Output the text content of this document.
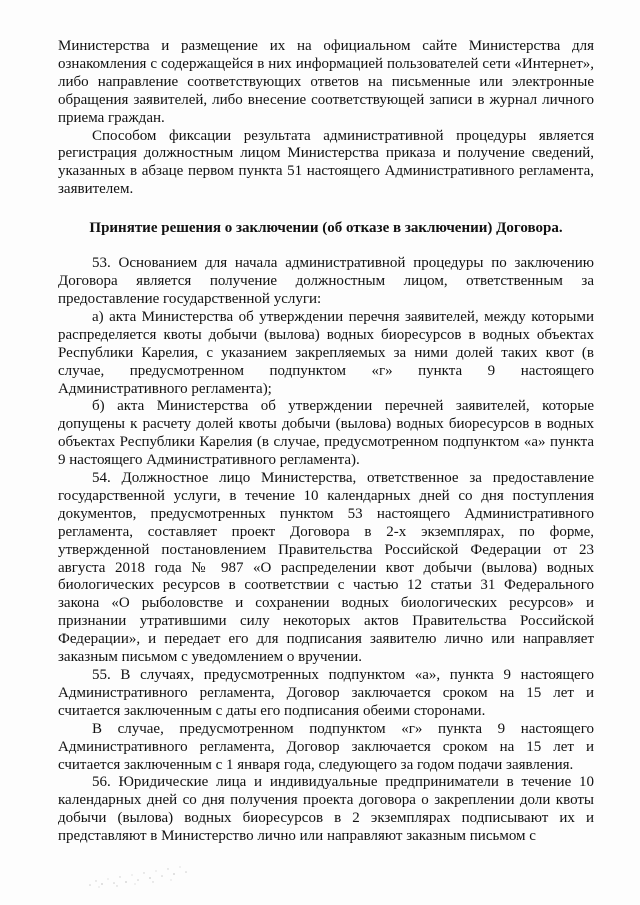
Министерства и размещение их на официальном сайте Министерства для ознакомления с содержащейся в них информацией пользователей сети «Интернет», либо направление соответствующих ответов на письменные или электронные обращения заявителей, либо внесение соответствующей записи в журнал личного приема граждан.

Способом фиксации результата административной процедуры является регистрация должностным лицом Министерства приказа и получение сведений, указанных в абзаце первом пункта 51 настоящего Административного регламента, заявителем.

Принятие решения о заключении (об отказе в заключении) Договора.

53. Основанием для начала административной процедуры по заключению Договора является получение должностным лицом, ответственным за предоставление государственной услуги:

а) акта Министерства об утверждении перечня заявителей, между которыми распределяется квоты добычи (вылова) водных биоресурсов в водных объектах Республики Карелия, с указанием закрепляемых за ними долей таких квот (в случае, предусмотренном подпунктом «г» пункта 9 настоящего Административного регламента);

б) акта Министерства об утверждении перечней заявителей, которые допущены к расчету долей квоты добычи (вылова) водных биоресурсов в водных объектах Республики Карелия (в случае, предусмотренном подпунктом «а» пункта 9 настоящего Административного регламента).

54. Должностное лицо Министерства, ответственное за предоставление государственной услуги, в течение 10 календарных дней со дня поступления документов, предусмотренных пунктом 53 настоящего Административного регламента, составляет проект Договора в 2-х экземплярах, по форме, утвержденной постановлением Правительства Российской Федерации от 23 августа 2018 года № 987 «О распределении квот добычи (вылова) водных биологических ресурсов в соответствии с частью 12 статьи 31 Федерального закона «О рыболовстве и сохранении водных биологических ресурсов» и признании утратившими силу некоторых актов Правительства Российской Федерации», и передает его для подписания заявителю лично или направляет заказным письмом с уведомлением о вручении.

55. В случаях, предусмотренных подпунктом «а», пункта 9 настоящего Административного регламента, Договор заключается сроком на 15 лет и считается заключенным с даты его подписания обеими сторонами.

В случае, предусмотренном подпунктом «г» пункта 9 настоящего Административного регламента, Договор заключается сроком на 15 лет и считается заключенным с 1 января года, следующего за годом подачи заявления.

56. Юридические лица и индивидуальные предприниматели в течение 10 календарных дней со дня получения проекта договора о закреплении доли квоты добычи (вылова) водных биоресурсов в 2 экземплярах подписывают их и представляют в Министерство лично или направляют заказным письмом с
